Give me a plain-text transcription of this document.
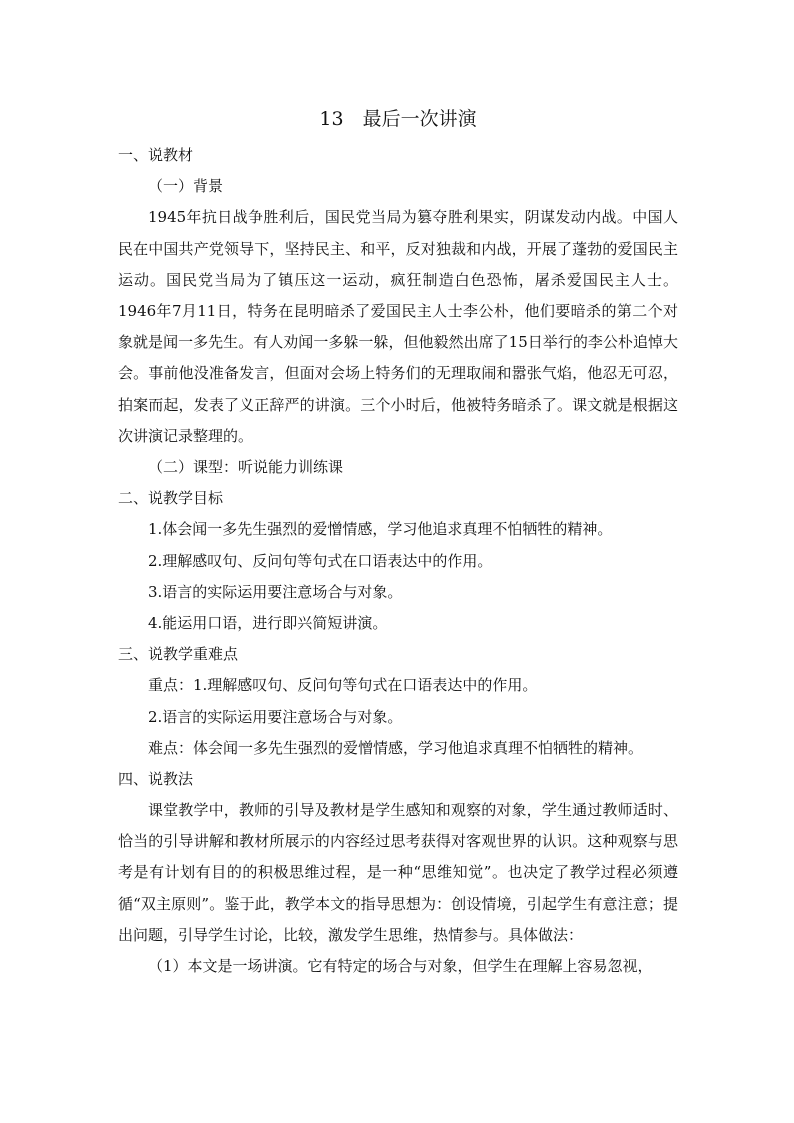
13　最后一次讲演
一、说教材
（一）背景
1945年抗日战争胜利后，国民党当局为篡夺胜利果实，阴谋发动内战。中国人民在中国共产党领导下，坚持民主、和平，反对独裁和内战，开展了蓬勃的爱国民主运动。国民党当局为了镇压这一运动，疯狂制造白色恐怖，屠杀爱国民主人士。1946年7月11日，特务在昆明暗杀了爱国民主人士李公朴，他们要暗杀的第二个对象就是闻一多先生。有人劝闻一多躲一躲，但他毅然出席了15日举行的李公朴追悼大会。事前他没准备发言，但面对会场上特务们的无理取闹和嚣张气焰，他忍无可忍，拍案而起，发表了义正辞严的讲演。三个小时后，他被特务暗杀了。课文就是根据这次讲演记录整理的。
（二）课型：听说能力训练课
二、说教学目标
1.体会闻一多先生强烈的爱憎情感，学习他追求真理不怕牺牲的精神。
2.理解感叹句、反问句等句式在口语表达中的作用。
3.语言的实际运用要注意场合与对象。
4.能运用口语，进行即兴简短讲演。
三、说教学重难点
重点：1.理解感叹句、反问句等句式在口语表达中的作用。
2.语言的实际运用要注意场合与对象。
难点：体会闻一多先生强烈的爱憎情感，学习他追求真理不怕牺牲的精神。
四、说教法
课堂教学中，教师的引导及教材是学生感知和观察的对象，学生通过教师适时、恰当的引导讲解和教材所展示的内容经过思考获得对客观世界的认识。这种观察与思考是有计划有目的的积极思维过程，是一种“思维知觉”。也决定了教学过程必须遵循“双主原则”。鉴于此，教学本文的指导思想为：创设情境，引起学生有意注意；提出问题，引导学生讨论，比较，激发学生思维，热情参与。具体做法：
（1）本文是一场讲演。它有特定的场合与对象，但学生在理解上容易忽视，
